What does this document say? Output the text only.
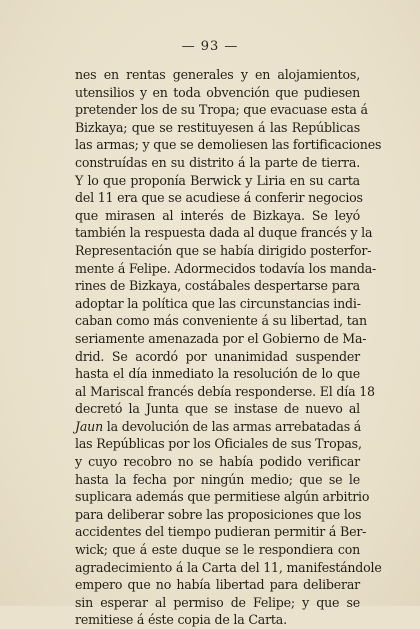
— 93 —
nes en rentas generales y en alojamientos,
utensilios y en toda obvención que pudiesen
pretender los de su Tropa; que evacuase esta á
Bizkaya; que se restituyesen á las Repúblicas
las armas; y que se demoliesen las fortificaciones
construídas en su distrito á la parte de tierra.
Y lo que proponía Berwick y Liria en su carta
del 11 era que se acudiese á conferir negocios
que mirasen al interés de Bizkaya. Se leyó
también la respuesta dada al duque francés y la
Representación que se había dirigido posterfor-
mente á Felipe. Adormecidos todavía los manda-
rines de Bizkaya, costábales despertarse para
adoptar la política que las circunstancias indi-
caban como más conveniente á su libertad, tan
seriamente amenazada por el Gobierno de Ma-
drid. Se acordó por unanimidad suspender
hasta el día inmediato la resolución de lo que
al Mariscal francés debía responderse. El día 18
decretó la Junta que se instase de nuevo al
Jaun la devolución de las armas arrebatadas á
las Repúblicas por los Oficiales de sus Tropas,
y cuyo recobro no se había podido verificar
hasta la fecha por ningún medio; que se le
suplicara además que permitiese algún arbitrio
para deliberar sobre las proposiciones que los
accidentes del tiempo pudieran permitir á Ber-
wick; que á este duque se le respondiera con
agradecimiento á la Carta del 11, manifestándole
empero que no había libertad para deliberar
sin esperar al permiso de Felipe; y que se
remitiese á éste copia de la Carta.
